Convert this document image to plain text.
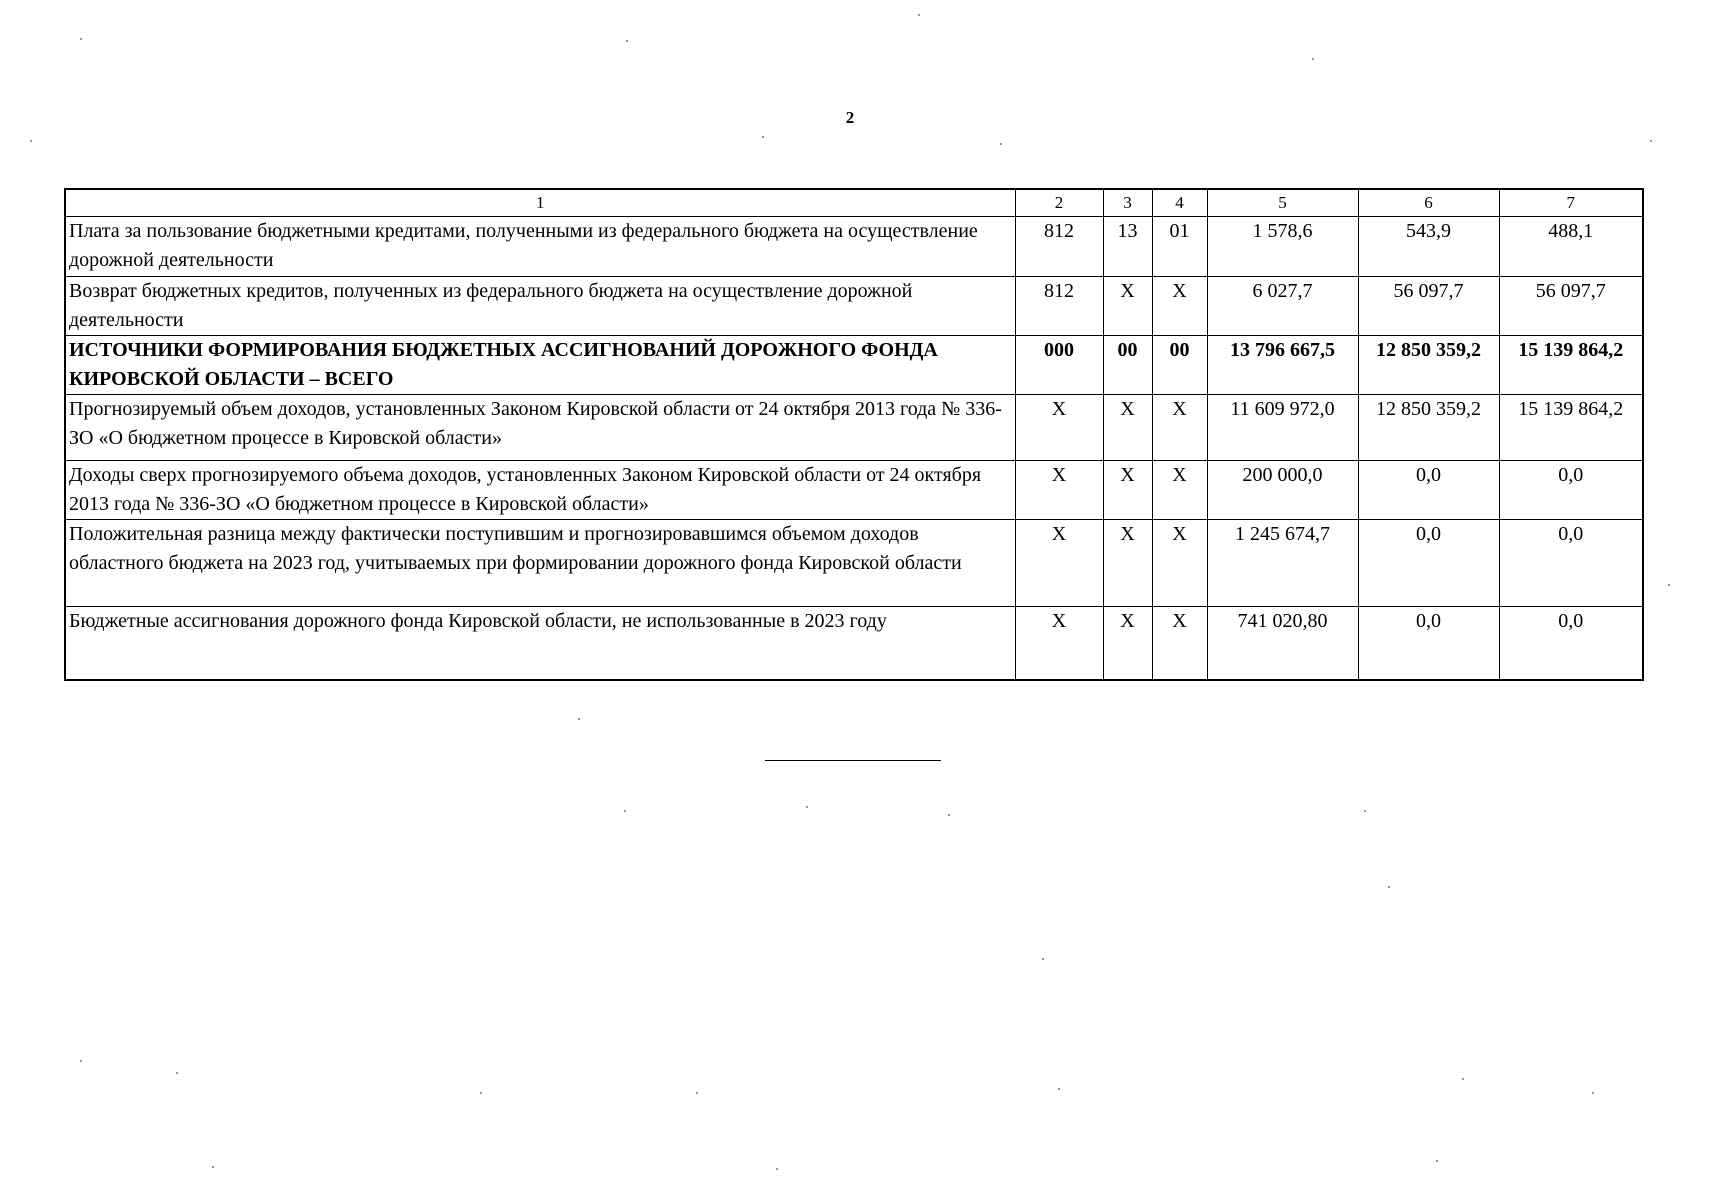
2
1	2	3	4	5	6	7
Плата за пользование бюджетными кредитами, полученными из федерального бюджета на осуществление дорожной деятельности	812	13	01	1 578,6	543,9	488,1
Возврат бюджетных кредитов, полученных из федерального бюджета на осуществление дорожной деятельности	812	X	X	6 027,7	56 097,7	56 097,7
ИСТОЧНИКИ ФОРМИРОВАНИЯ БЮДЖЕТНЫХ АССИГНОВАНИЙ ДОРОЖНОГО ФОНДА КИРОВСКОЙ ОБЛАСТИ – ВСЕГО	000	00	00	13 796 667,5	12 850 359,2	15 139 864,2
Прогнозируемый объем доходов, установленных Законом Кировской области от 24 октября 2013 года № 336-ЗО «О бюджетном процессе в Кировской области»	X	X	X	11 609 972,0	12 850 359,2	15 139 864,2
Доходы сверх прогнозируемого объема доходов, установленных Законом Кировской области от 24 октября 2013 года № 336-ЗО «О бюджетном процессе в Кировской области»	X	X	X	200 000,0	0,0	0,0
Положительная разница между фактически поступившим и прогнозировавшимся объемом доходов областного бюджета на 2023 год, учитываемых при формировании дорожного фонда Кировской области	X	X	X	1 245 674,7	0,0	0,0
Бюджетные ассигнования дорожного фонда Кировской области, не использованные в 2023 году	X	X	X	741 020,80	0,0	0,0
